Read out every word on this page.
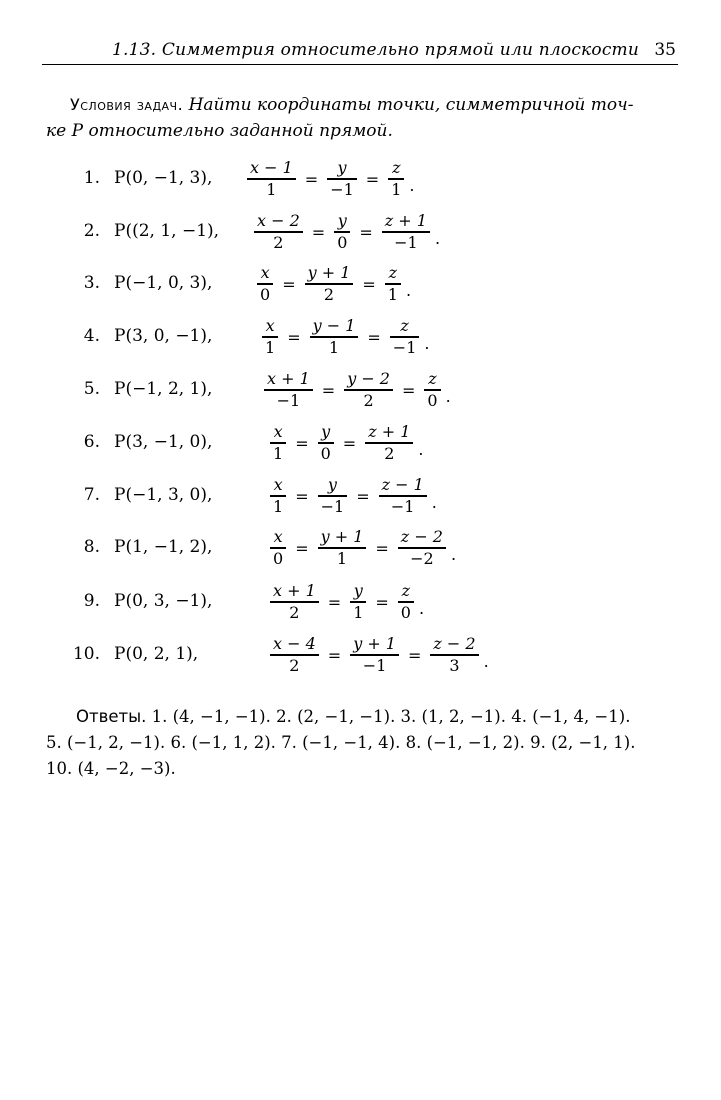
1.13. Симметрия относительно прямой или плоскости 35
Условия задач. Найти координаты точки, симметричной точ-
ке P относительно заданной прямой.
1. P(0, −1, 3), $\frac{x - 1}{1} = \frac{y}{-1} = \frac{z}{1}$ .
2. P((2, 1, −1), $\frac{x - 2}{2} = \frac{y}{0} = \frac{z + 1}{-1}$ .
3. P(−1, 0, 3),	$\frac{x}{0} = \frac{y + 1}{2} = \frac{z}{1}$ .
4. P(3, 0, −1),	$\frac{x}{1} = \frac{y - 1}{1} = \frac{z}{-1}$ .
5. P(−1, 2, 1),	$\frac{x + 1}{-1} = \frac{y - 2}{2} = \frac{z}{0}$ .
6. P(3, −1, 0),	$\frac{x}{1} = \frac{y}{0} = \frac{z + 1}{2}$ .
7. P(−1, 3, 0),	$\frac{x}{1} = \frac{y}{-1} = \frac{z - 1}{-1}$ .
8. P(1, −1, 2),	$\frac{x}{0} = \frac{y + 1}{1} = \frac{z - 2}{-2}$ .
9. P(0, 3, −1),	$\frac{x + 1}{2} = \frac{y}{1} = \frac{z}{0}$ .
10. P(0, 2, 1),	$\frac{x - 4}{2} = \frac{y + 1}{-1} = \frac{z - 2}{3}$ .
Ответы. 1. (4, −1, −1). 2. (2, −1, −1). 3. (1, 2, −1). 4. (−1, 4, −1).
5. (−1, 2, −1). 6. (−1, 1, 2). 7. (−1, −1, 4). 8. (−1, −1, 2). 9. (2, −1, 1).
10. (4, −2, −3).
